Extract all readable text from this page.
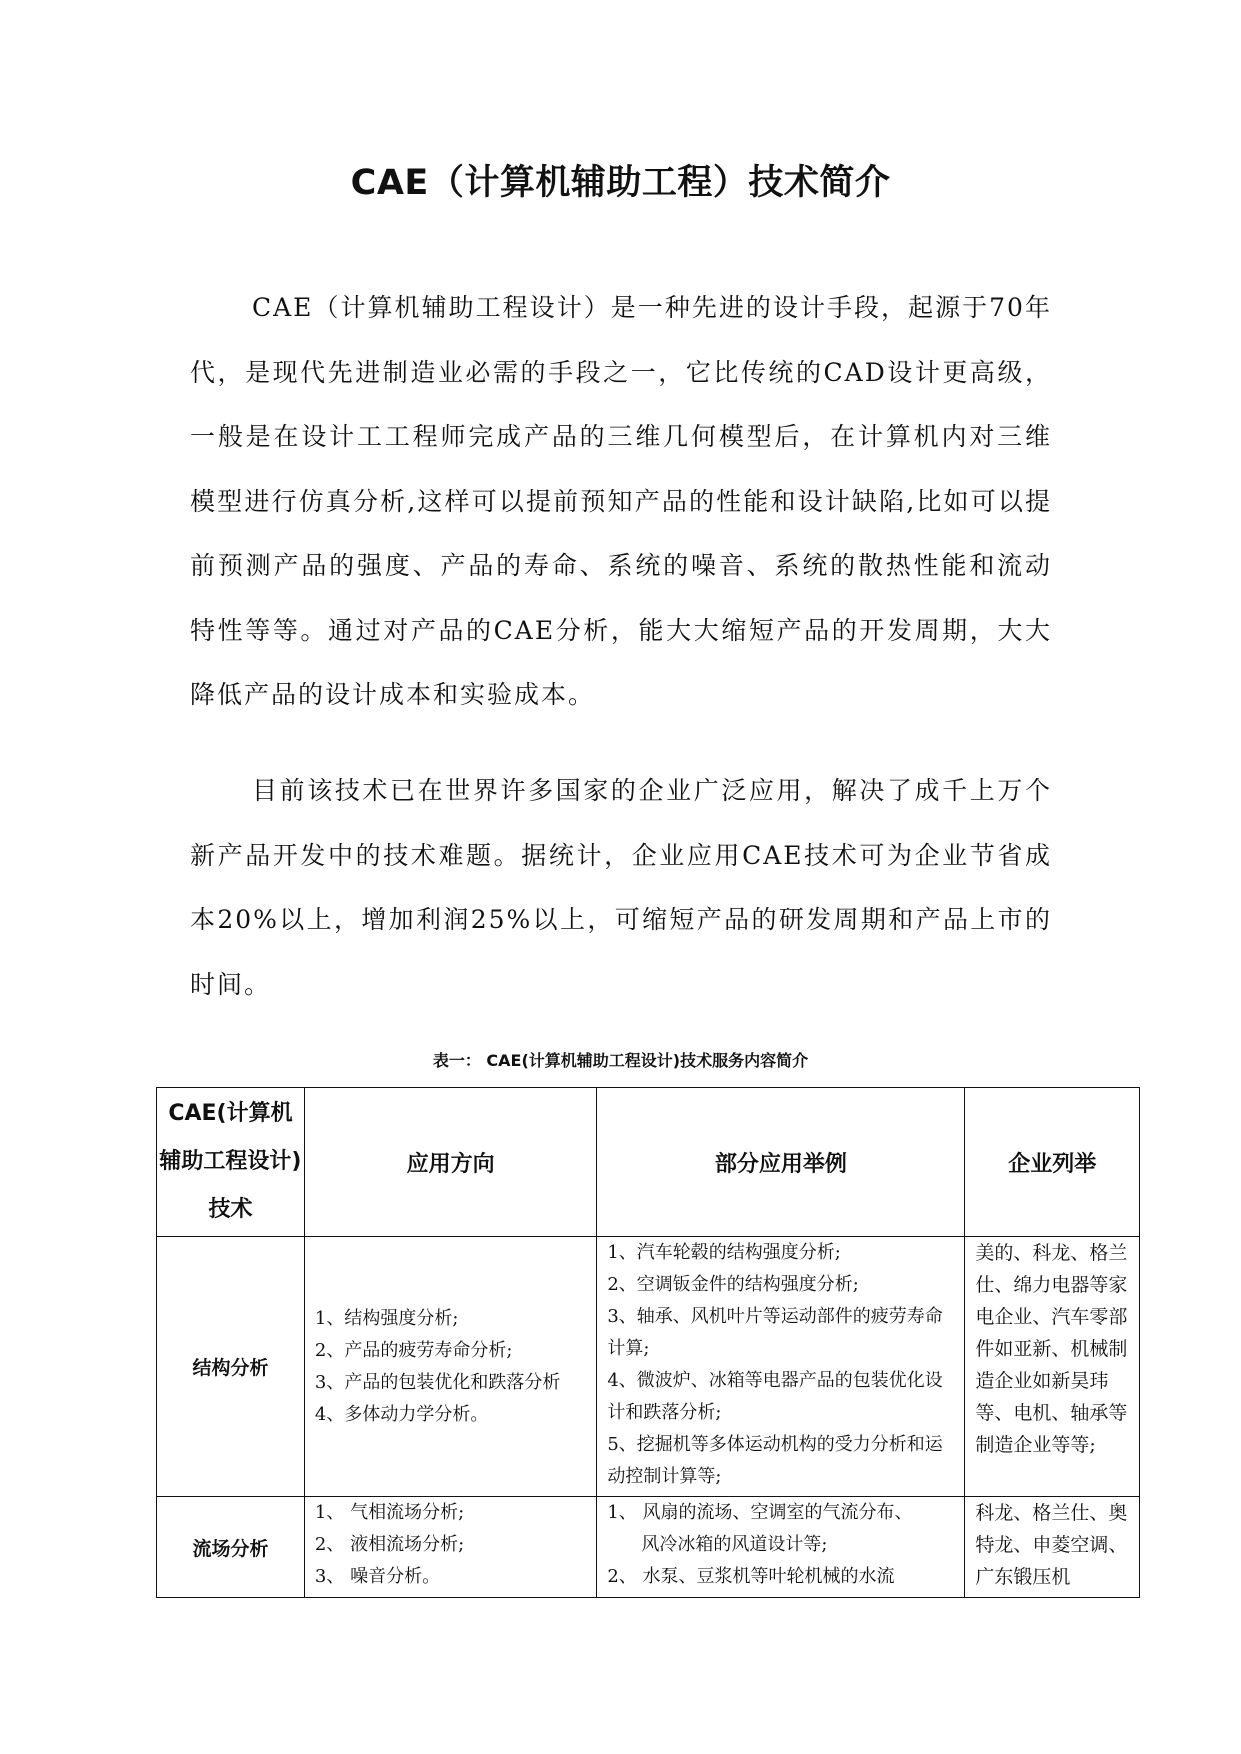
CAE（计算机辅助工程）技术简介

CAE（计算机辅助工程设计）是一种先进的设计手段，起源于70年代，是现代先进制造业必需的手段之一，它比传统的CAD设计更高级，一般是在设计工工程师完成产品的三维几何模型后，在计算机内对三维模型进行仿真分析,这样可以提前预知产品的性能和设计缺陷,比如可以提前预测产品的强度、产品的寿命、系统的噪音、系统的散热性能和流动特性等等。通过对产品的CAE分析，能大大缩短产品的开发周期，大大降低产品的设计成本和实验成本。

目前该技术已在世界许多国家的企业广泛应用，解决了成千上万个新产品开发中的技术难题。据统计，企业应用CAE技术可为企业节省成本20%以上，增加利润25%以上，可缩短产品的研发周期和产品上市的时间。

表一： CAE(计算机辅助工程设计)技术服务内容简介

CAE(计算机辅助工程设计)技术	应用方向	部分应用举例	企业列举
结构分析	1、结构强度分析;
2、产品的疲劳寿命分析;
3、产品的包装优化和跌落分析
4、多体动力学分析。	1、汽车轮毂的结构强度分析;
2、空调钣金件的结构强度分析;
3、轴承、风机叶片等运动部件的疲劳寿命计算;
4、微波炉、冰箱等电器产品的包装优化设计和跌落分析;
5、挖掘机等多体运动机构的受力分析和运动控制计算等;	美的、科龙、格兰仕、绵力电器等家电企业、汽车零部件如亚新、机械制造企业如新昊玮等、电机、轴承等制造企业等等;
流场分析	1、 气相流场分析;
2、 液相流场分析;
3、 噪音分析。	1、 风扇的流场、空调室的气流分布、
风冷冰箱的风道设计等;
2、 水泵、豆浆机等叶轮机械的水流	科龙、格兰仕、奥特龙、申菱空调、广东锻压机
